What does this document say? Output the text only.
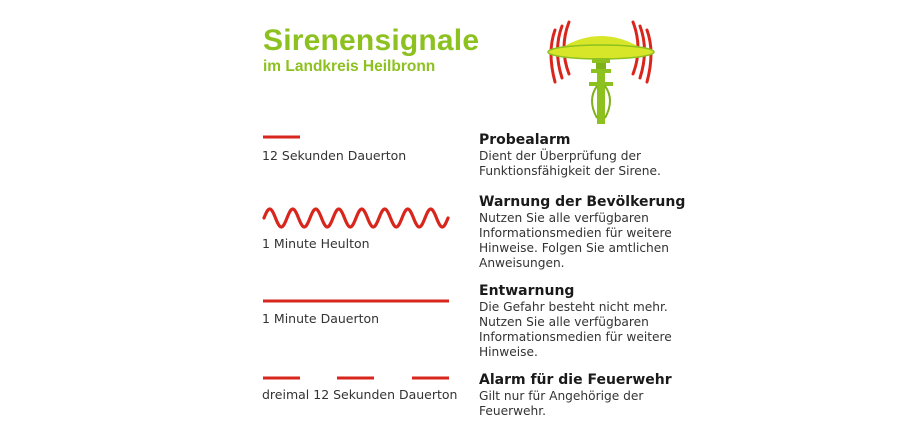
Sirenensignale
im Landkreis Heilbronn
12 Sekunden Dauerton
Probealarm
Dient der Überprüfung der
Funktionsfähigkeit der Sirene.
1 Minute Heulton
Warnung der Bevölkerung
Nutzen Sie alle verfügbaren
Informationsmedien für weitere
Hinweise. Folgen Sie amtlichen
Anweisungen.
1 Minute Dauerton
Entwarnung
Die Gefahr besteht nicht mehr.
Nutzen Sie alle verfügbaren
Informationsmedien für weitere
Hinweise.
dreimal 12 Sekunden Dauerton
Alarm für die Feuerwehr
Gilt nur für Angehörige der
Feuerwehr.
